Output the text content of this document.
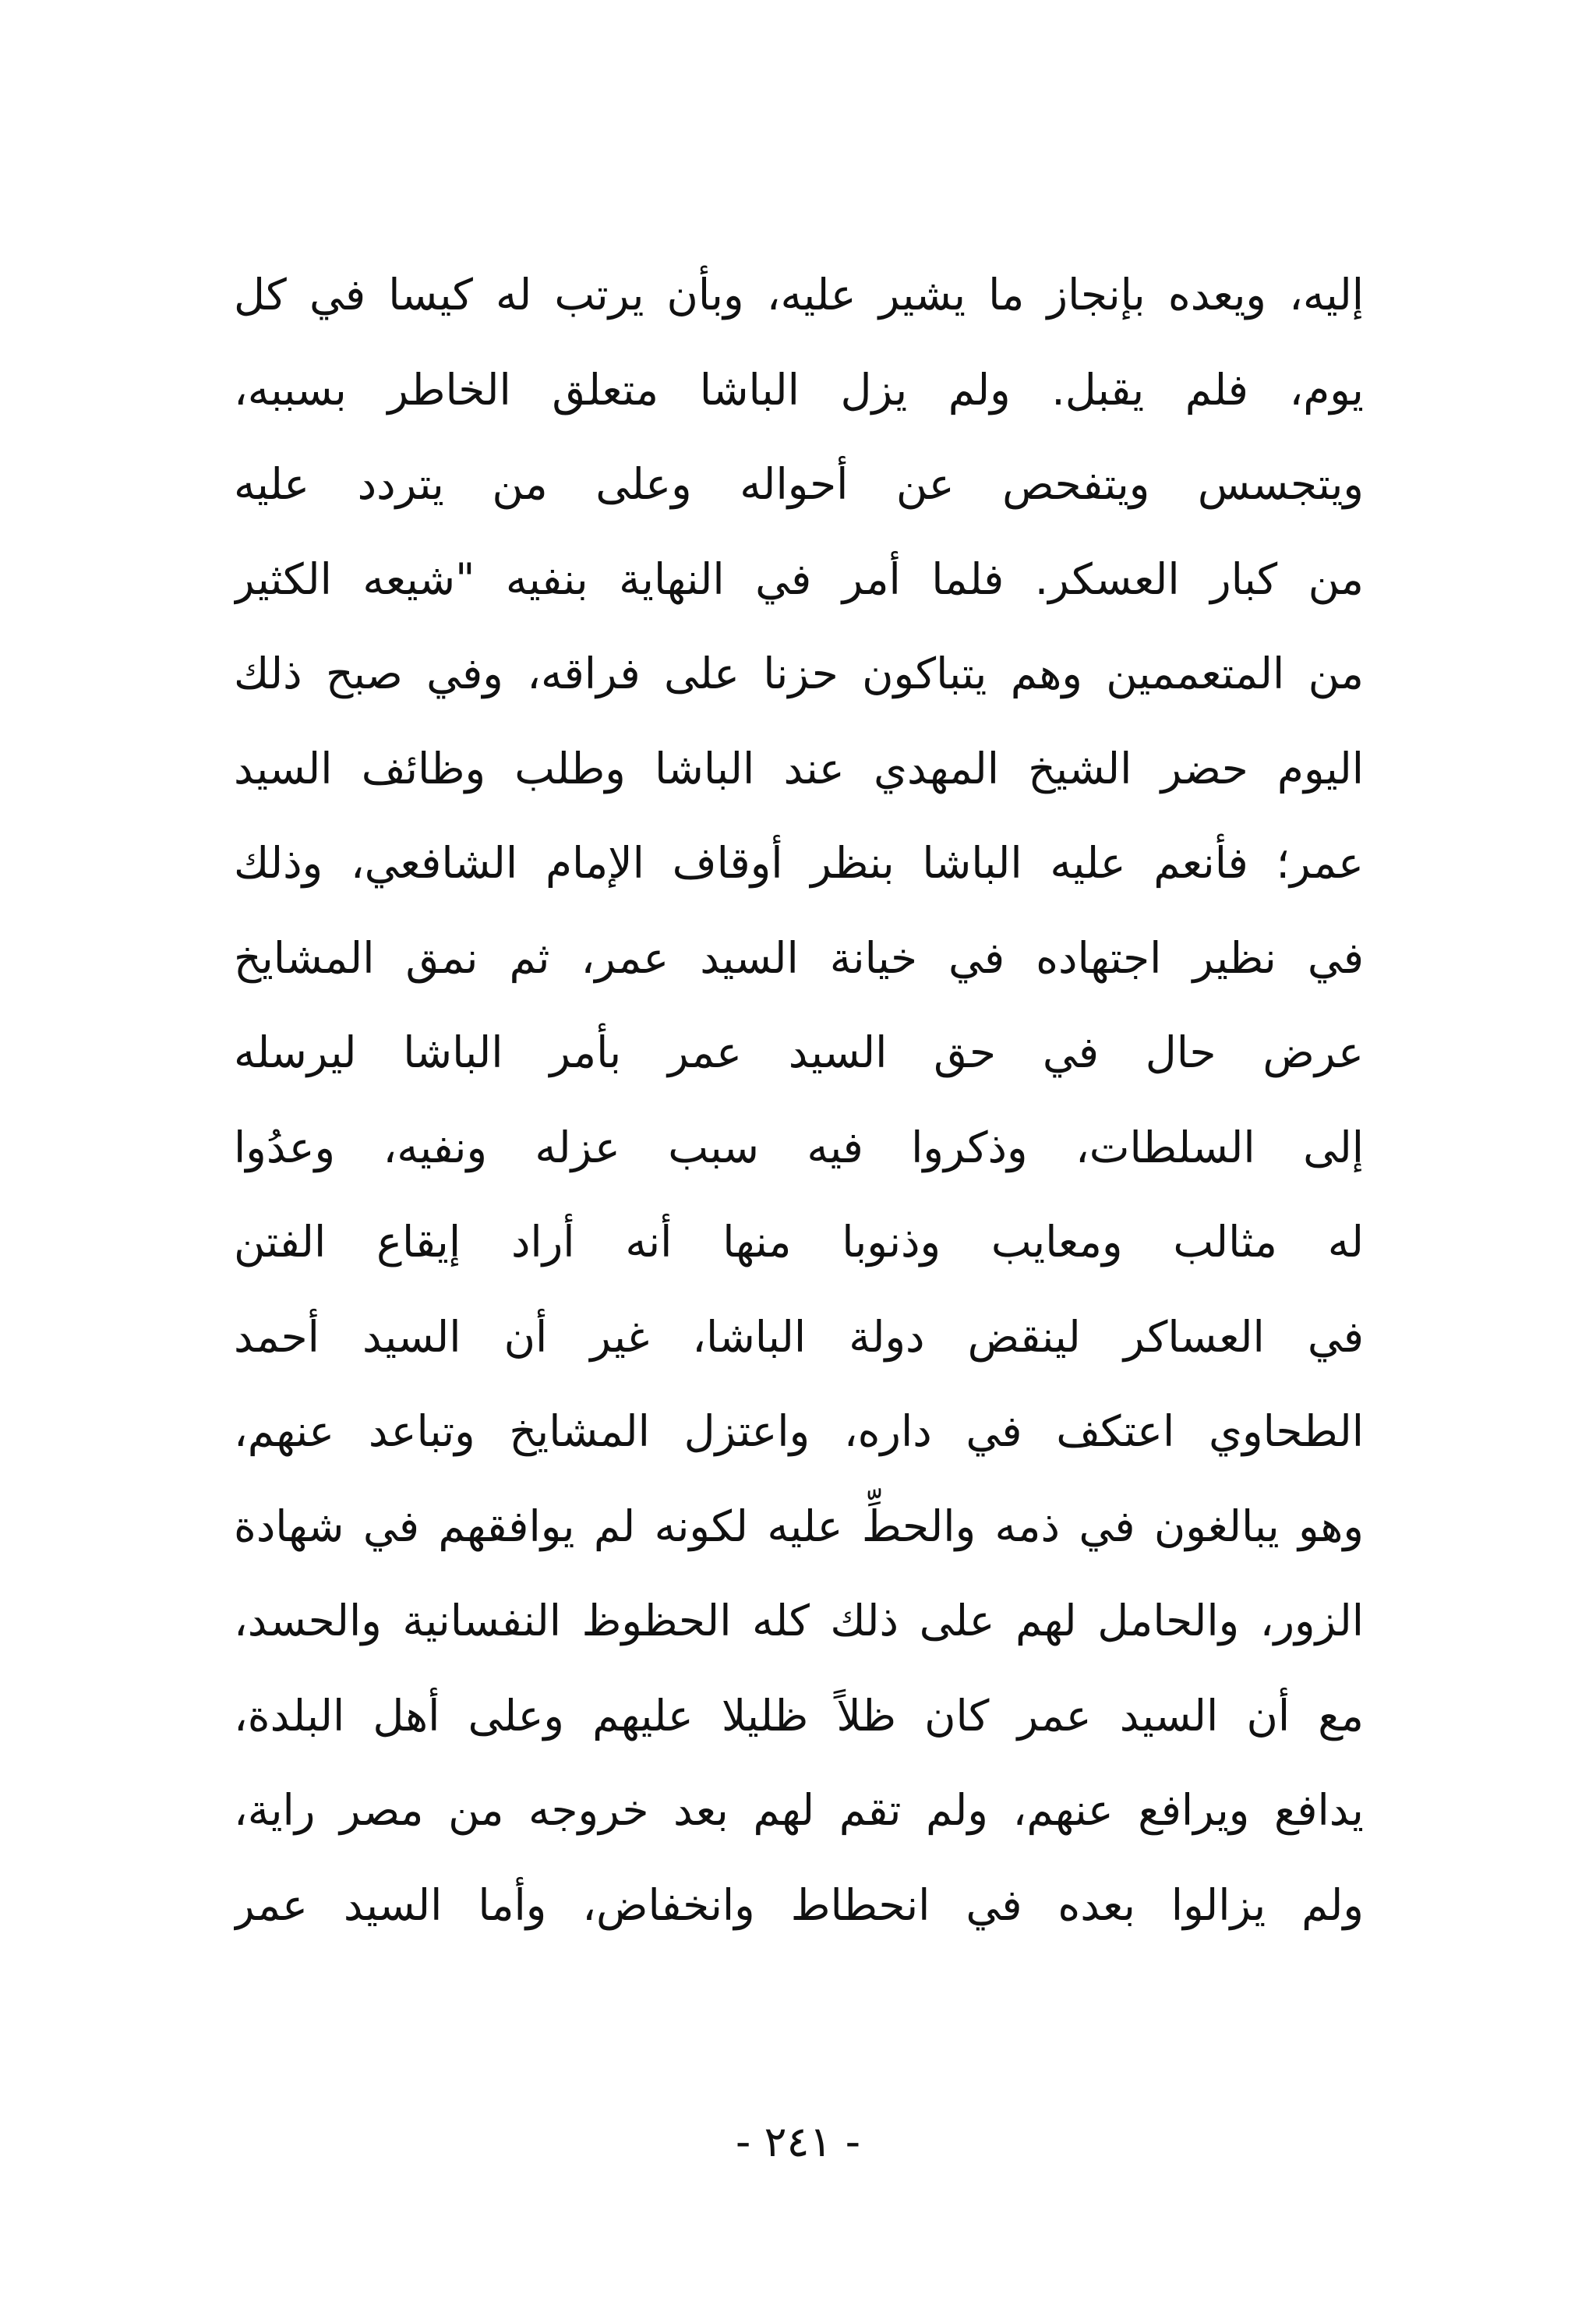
إليه، ويعده بإنجاز ما يشير عليه، وبأن يرتب له كيسا في كل
يوم، فلم يقبل. ولم يزل الباشا متعلق الخاطر بسببه،
ويتجسس ويتفحص عن أحواله وعلى من يتردد عليه
من كبار العسكر. فلما أمر في النهاية بنفيه "شيعه الكثير
من المتعممين وهم يتباكون حزنا على فراقه، وفي صبح ذلك
اليوم حضر الشيخ المهدي عند الباشا وطلب وظائف السيد
عمر؛ فأنعم عليه الباشا بنظر أوقاف الإمام الشافعي، وذلك
في نظير اجتهاده في خيانة السيد عمر، ثم نمق المشايخ
عرض حال في حق السيد عمر بأمر الباشا ليرسله
إلى السلطات، وذكروا فيه سبب عزله ونفيه، وعدُوا
له مثالب ومعايب وذنوبا منها أنه أراد إيقاع الفتن
في العساكر لينقض دولة الباشا، غير أن السيد أحمد
الطحاوي اعتكف في داره، واعتزل المشايخ وتباعد عنهم،
وهو يبالغون في ذمه والحطِّ عليه لكونه لم يوافقهم في شهادة
الزور، والحامل لهم على ذلك كله الحظوظ النفسانية والحسد،
مع أن السيد عمر كان ظلاً ظليلا عليهم وعلى أهل البلدة،
يدافع ويرافع عنهم، ولم تقم لهم بعد خروجه من مصر راية،
ولم يزالوا بعده في انحطاط وانخفاض، وأما السيد عمر
- ٢٤١ -
